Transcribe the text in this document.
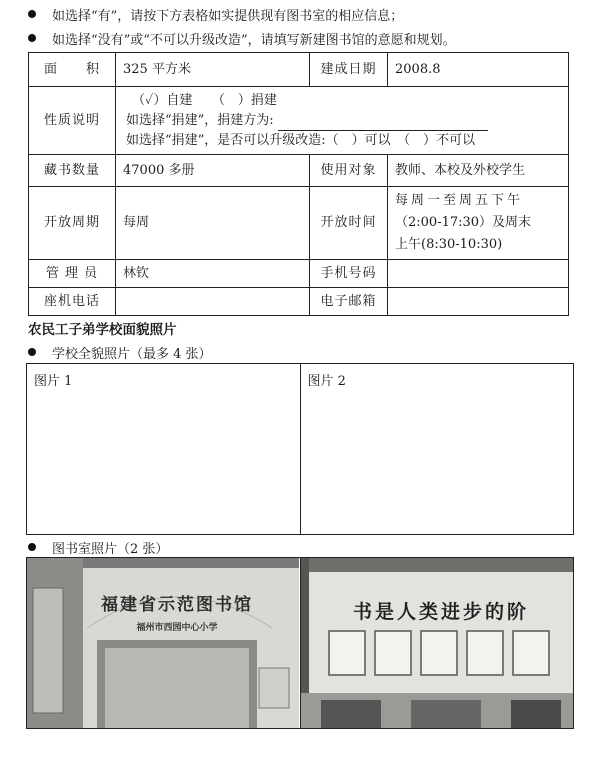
如选择“有”，请按下方表格如实提供现有图书室的相应信息；
如选择“没有”或“不可以升级改造”，请填写新建图书馆的意愿和规划。
面　　积	325 平方米	建成日期	2008.8
性质说明	（✓）自建　　（　）捐建
如选择“捐建”，捐建方为:
如选择“捐建”，是否可以升级改造:（　）可以　（　）不可以		

藏书数量	47000 多册	使用对象	教师、本校及外校学生
开放周期	每周	开放时间	每周一至周五下午
（2:00-17:30）及周末
上午(8:30-10:30)

管 理 员	林钦	手机号码	
座机电话		电子邮箱	
农民工子弟学校面貌照片
学校全貌照片（最多 4 张）
图片 1	图片 2
图书室照片（2 张）
福建省示范图书馆
福州市西园中心小学
书是人类进步的阶
